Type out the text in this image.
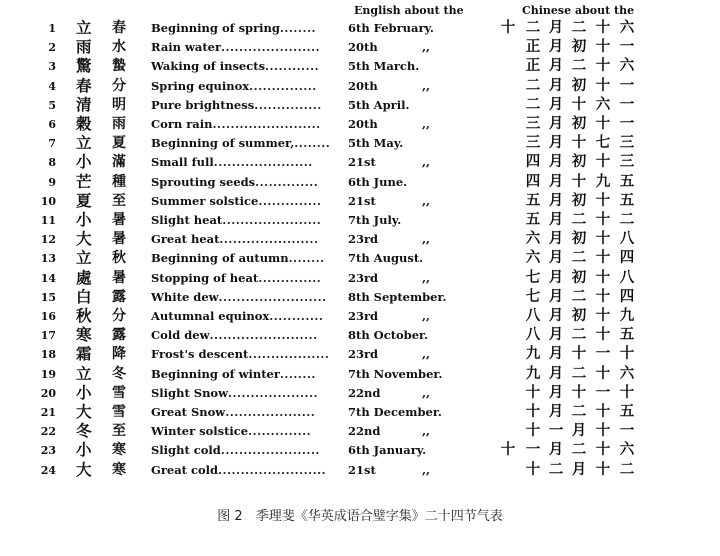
English about the	Chinese about the
1 立 春 Beginning of spring........	6th February.	十 二 月 二 十 六
2 雨 水 Rain water...................... 20th	,,	正 月 初 十 一
3 驚 蟄 Waking of insects............	5th March.	正 月 二 十 六
4 春 分 Spring equinox...............	20th	,,	二 月 初 十 一
5 清 明 Pure brightness............... 5th April.	二 月 十 六 一
6 穀 雨 Corn rain........................ 20th	,,	三 月 初 十 一
7 立 夏 Beginning of summer,........ 5th May.	三 月 十 七 三
8 小 滿 Small full......................	21st	,,	四 月 初 十 三
9 芒 種 Sprouting seeds..............	6th June.	四 月 十 九 五
10 夏 至 Summer solstice.............. 21st	,,	五 月 初 十 五
11 小 暑 Slight heat...................... 7th July.	五 月 二 十 二
12 大 暑 Great heat......................	23rd	,,	六 月 初 十 八
13 立 秋 Beginning of autumn........ 7th August.	六 月 二 十 四
14 處 暑 Stopping of heat.............. 23rd	,,	七 月 初 十 八
15 白 露 White dew........................ 8th September.	七 月 二 十 四
16 秋 分 Autumnal equinox............ 23rd	,,	八 月 初 十 九
17 寒 露 Cold dew........................	8th October.	八 月 二 十 五
18 霜 降 Frost's descent.................. 23rd	,,	九 月 十 一 十
19 立 冬 Beginning of winter........	7th November.	九 月 二 十 六
20 小 雪 Slight Snow....................	22nd	,,	十 月 十 一 十
21 大 雪 Great Snow....................	7th December.	十 月 二 十 五
22 冬 至 Winter solstice..............	22nd	,,	十 一 月 十 一
23 小 寒 Slight cold...................... 6th January.	十 一 月 二 十 六
24 大 寒 Great cold........................ 21st	,,	十 二 月 十 二
图 2　季理斐《华英成语合璧字集》二十四节气表
